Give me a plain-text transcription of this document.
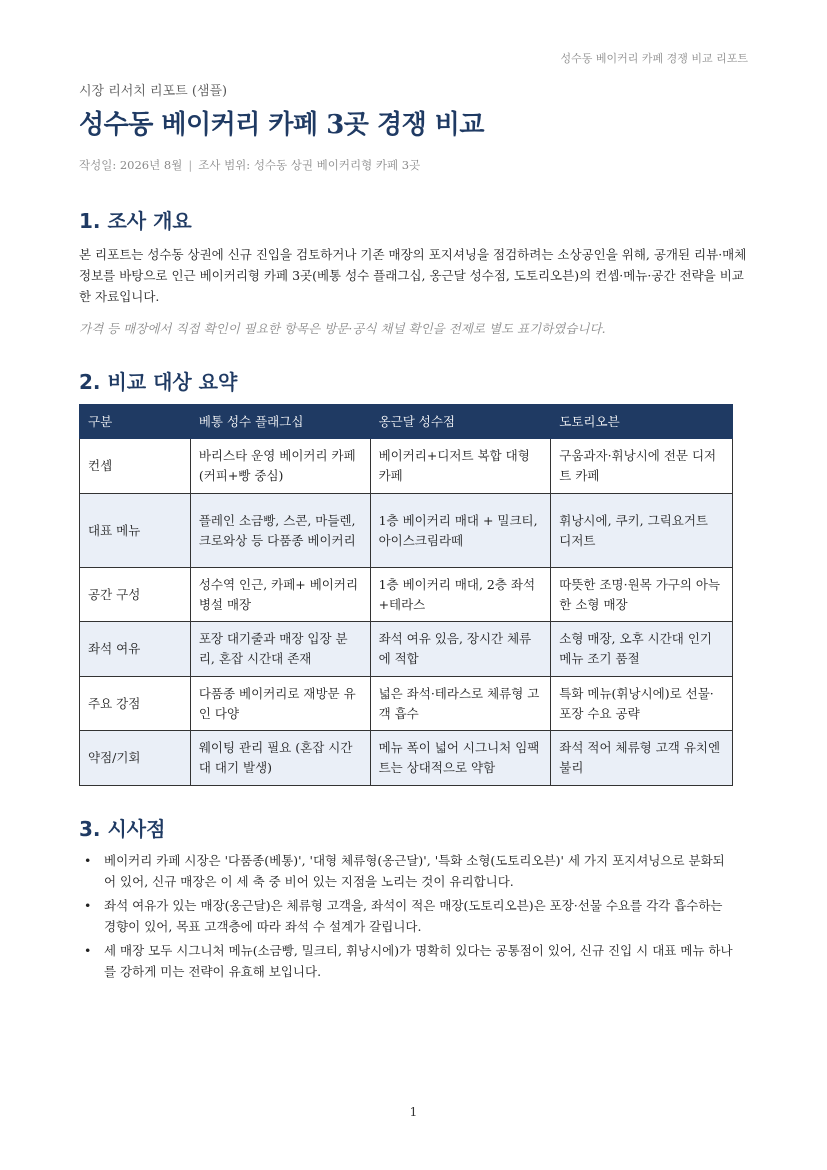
성수동 베이커리 카페 경쟁 비교 리포트
시장 리서치 리포트 (샘플)
성수동 베이커리 카페 3곳 경쟁 비교
작성일: 2026년 8월 | 조사 범위: 성수동 상권 베이커리형 카페 3곳
1. 조사 개요

본 리포트는 성수동 상권에 신규 진입을 검토하거나 기존 매장의 포지셔닝을 점검하려는 소상공인을 위해, 공개된 리뷰·매체 정보를 바탕으로 인근 베이커리형 카페 3곳(베통 성수 플래그십, 옹근달 성수점, 도토리오븐)의 컨셉·메뉴·공간 전략을 비교한 자료입니다.

가격 등 매장에서 직접 확인이 필요한 항목은 방문·공식 채널 확인을 전제로 별도 표기하였습니다.

2. 비교 대상 요약
구분	베통 성수 플래그십	옹근달 성수점	도토리오븐
컨셉	바리스타 운영 베이커리 카페 (커피+빵 중심)	베이커리+디저트 복합 대형 카페	구움과자·휘낭시에 전문 디저트 카페
대표 메뉴	플레인 소금빵, 스콘, 마들렌, 크로와상 등 다품종 베이커리	1층 베이커리 매대 + 밀크티, 아이스크림라떼	휘낭시에, 쿠키, 그릭요거트 디저트
공간 구성	성수역 인근, 카페+ 베이커리 병설 매장	1층 베이커리 매대, 2층 좌석+테라스	따뜻한 조명·원목 가구의 아늑한 소형 매장
좌석 여유	포장 대기줄과 매장 입장 분리, 혼잡 시간대 존재	좌석 여유 있음, 장시간 체류에 적합	소형 매장, 오후 시간대 인기 메뉴 조기 품절
주요 강점	다품종 베이커리로 재방문 유인 다양	넓은 좌석·테라스로 체류형 고객 흡수	특화 메뉴(휘낭시에)로 선물·포장 수요 공략
약점/기회	웨이팅 관리 필요 (혼잡 시간대 대기 발생)	메뉴 폭이 넓어 시그니처 임팩트는 상대적으로 약함	좌석 적어 체류형 고객 유치엔 불리
3. 시사점
• 베이커리 카페 시장은 '다품종(베통)', '대형 체류형(옹근달)', '특화 소형(도토리오븐)' 세 가지 포지셔닝으로 분화되어 있어, 신규 매장은 이 세 축 중 비어 있는 지점을 노리는 것이 유리합니다.
• 좌석 여유가 있는 매장(옹근달)은 체류형 고객을, 좌석이 적은 매장(도토리오븐)은 포장·선물 수요를 각각 흡수하는 경향이 있어, 목표 고객층에 따라 좌석 수 설계가 갈립니다.
• 세 매장 모두 시그니처 메뉴(소금빵, 밀크티, 휘낭시에)가 명확히 있다는 공통점이 있어, 신규 진입 시 대표 메뉴 하나를 강하게 미는 전략이 유효해 보입니다.
1
